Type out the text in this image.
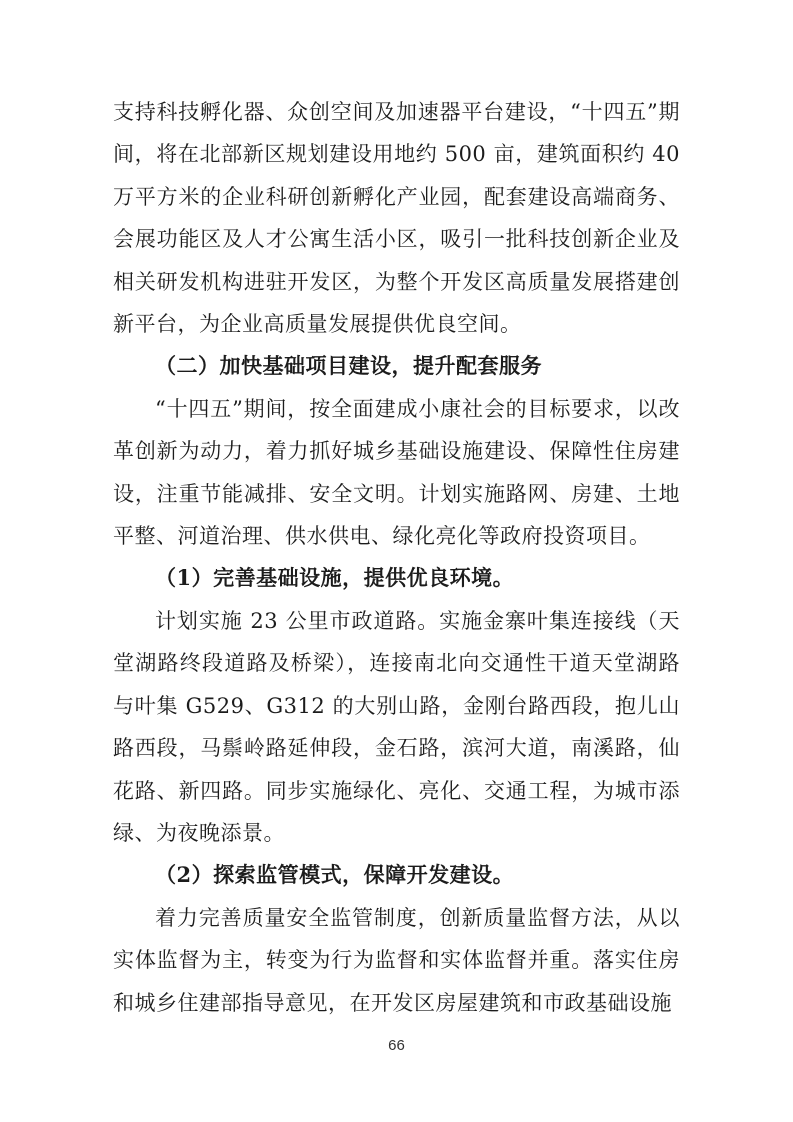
支持科技孵化器、众创空间及加速器平台建设，“十四五”期间，将在北部新区规划建设用地约 500 亩，建筑面积约 40 万平方米的企业科研创新孵化产业园，配套建设高端商务、会展功能区及人才公寓生活小区，吸引一批科技创新企业及相关研发机构进驻开发区，为整个开发区高质量发展搭建创新平台，为企业高质量发展提供优良空间。

（二）加快基础项目建设，提升配套服务

“十四五”期间，按全面建成小康社会的目标要求，以改革创新为动力，着力抓好城乡基础设施建设、保障性住房建设，注重节能减排、安全文明。计划实施路网、房建、土地平整、河道治理、供水供电、绿化亮化等政府投资项目。

（1）完善基础设施，提供优良环境。

计划实施 23 公里市政道路。实施金寨叶集连接线（天堂湖路终段道路及桥梁），连接南北向交通性干道天堂湖路与叶集 G529、G312 的大别山路，金刚台路西段，抱儿山路西段，马鬃岭路延伸段，金石路，滨河大道，南溪路，仙花路、新四路。同步实施绿化、亮化、交通工程，为城市添绿、为夜晚添景。

（2）探索监管模式，保障开发建设。

着力完善质量安全监管制度，创新质量监督方法，从以实体监督为主，转变为行为监督和实体监督并重。落实住房和城乡住建部指导意见，在开发区房屋建筑和市政基础设施

66
